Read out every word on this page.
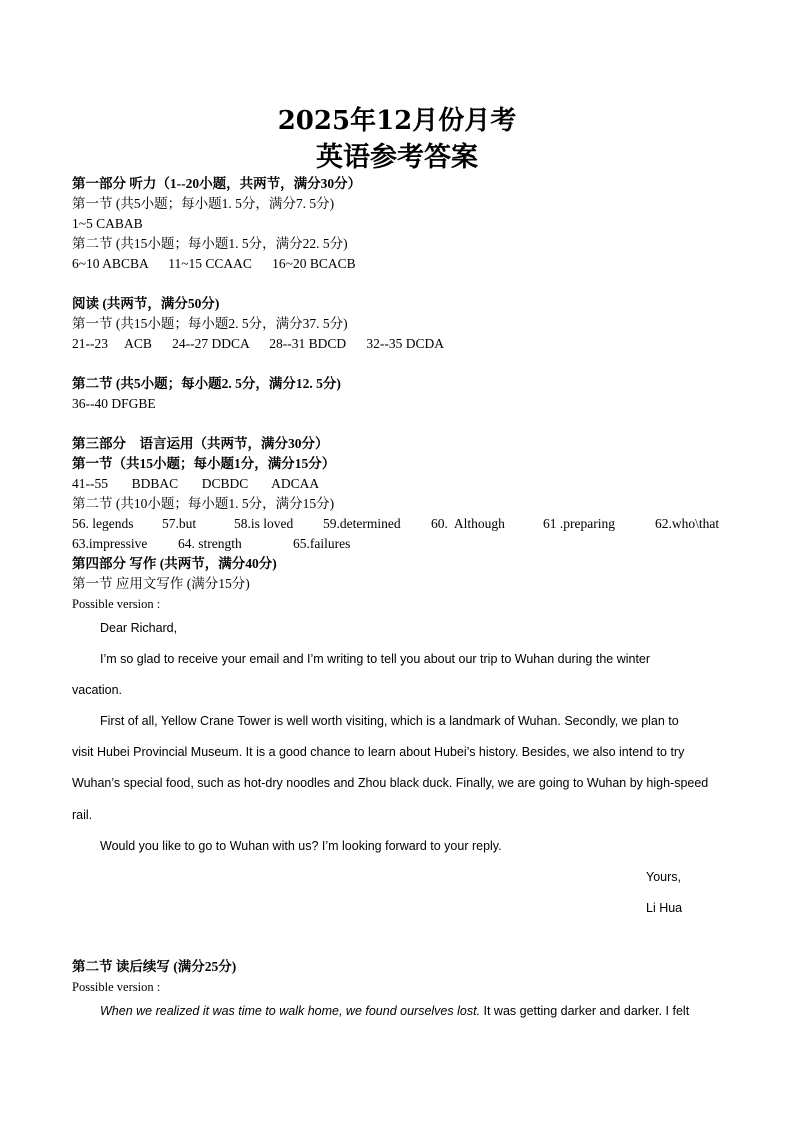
2025年12月份月考
英语参考答案
第一部分 听力（1--20小题，共两节，满分30分）
第一节 (共5小题；每小题1. 5分，满分7. 5分)
1~5 CABAB
第二节 (共15小题；每小题1. 5分，满分22. 5分)
6~10 ABCBA      11~15 CCAAC      16~20 BCACB
阅读 (共两节，满分50分)
第一节 (共15小题；每小题2. 5分，满分37. 5分)
21--23     ACB      24--27 DDCA      28--31 BDCD      32--35 DCDA
第二节 (共5小题；每小题2. 5分，满分12. 5分)
36--40 DFGBE
第三部分    语言运用（共两节，满分30分）
第一节（共15小题；每小题1分，满分15分）
41--55       BDBAC       DCBDC       ADCAA
第二节 (共10小题；每小题1. 5分，满分15分)
56. legends 57.but	58.is loved 59.determined 60.  Although	61 .preparing	62.who\that
63.impressive 64. strength	65.failures
第四部分 写作 (共两节，满分40分)
第一节 应用文写作 (满分15分)
Possible version :
Dear Richard,
I’m so glad to receive your email and I’m writing to tell you about our trip to Wuhan during the winter
vacation.
First of all, Yellow Crane Tower is well worth visiting, which is a landmark of Wuhan. Secondly, we plan to
visit Hubei Provincial Museum. It is a good chance to learn about Hubei’s history. Besides, we also intend to try
Wuhan’s special food, such as hot-dry noodles and Zhou black duck. Finally, we are going to Wuhan by high-speed
rail.
Would you like to go to Wuhan with us? I’m looking forward to your reply.
Yours,
Li Hua
第二节 读后续写 (满分25分)
Possible version :
When we realized it was time to walk home, we found ourselves lost. It was getting darker and darker. I felt
